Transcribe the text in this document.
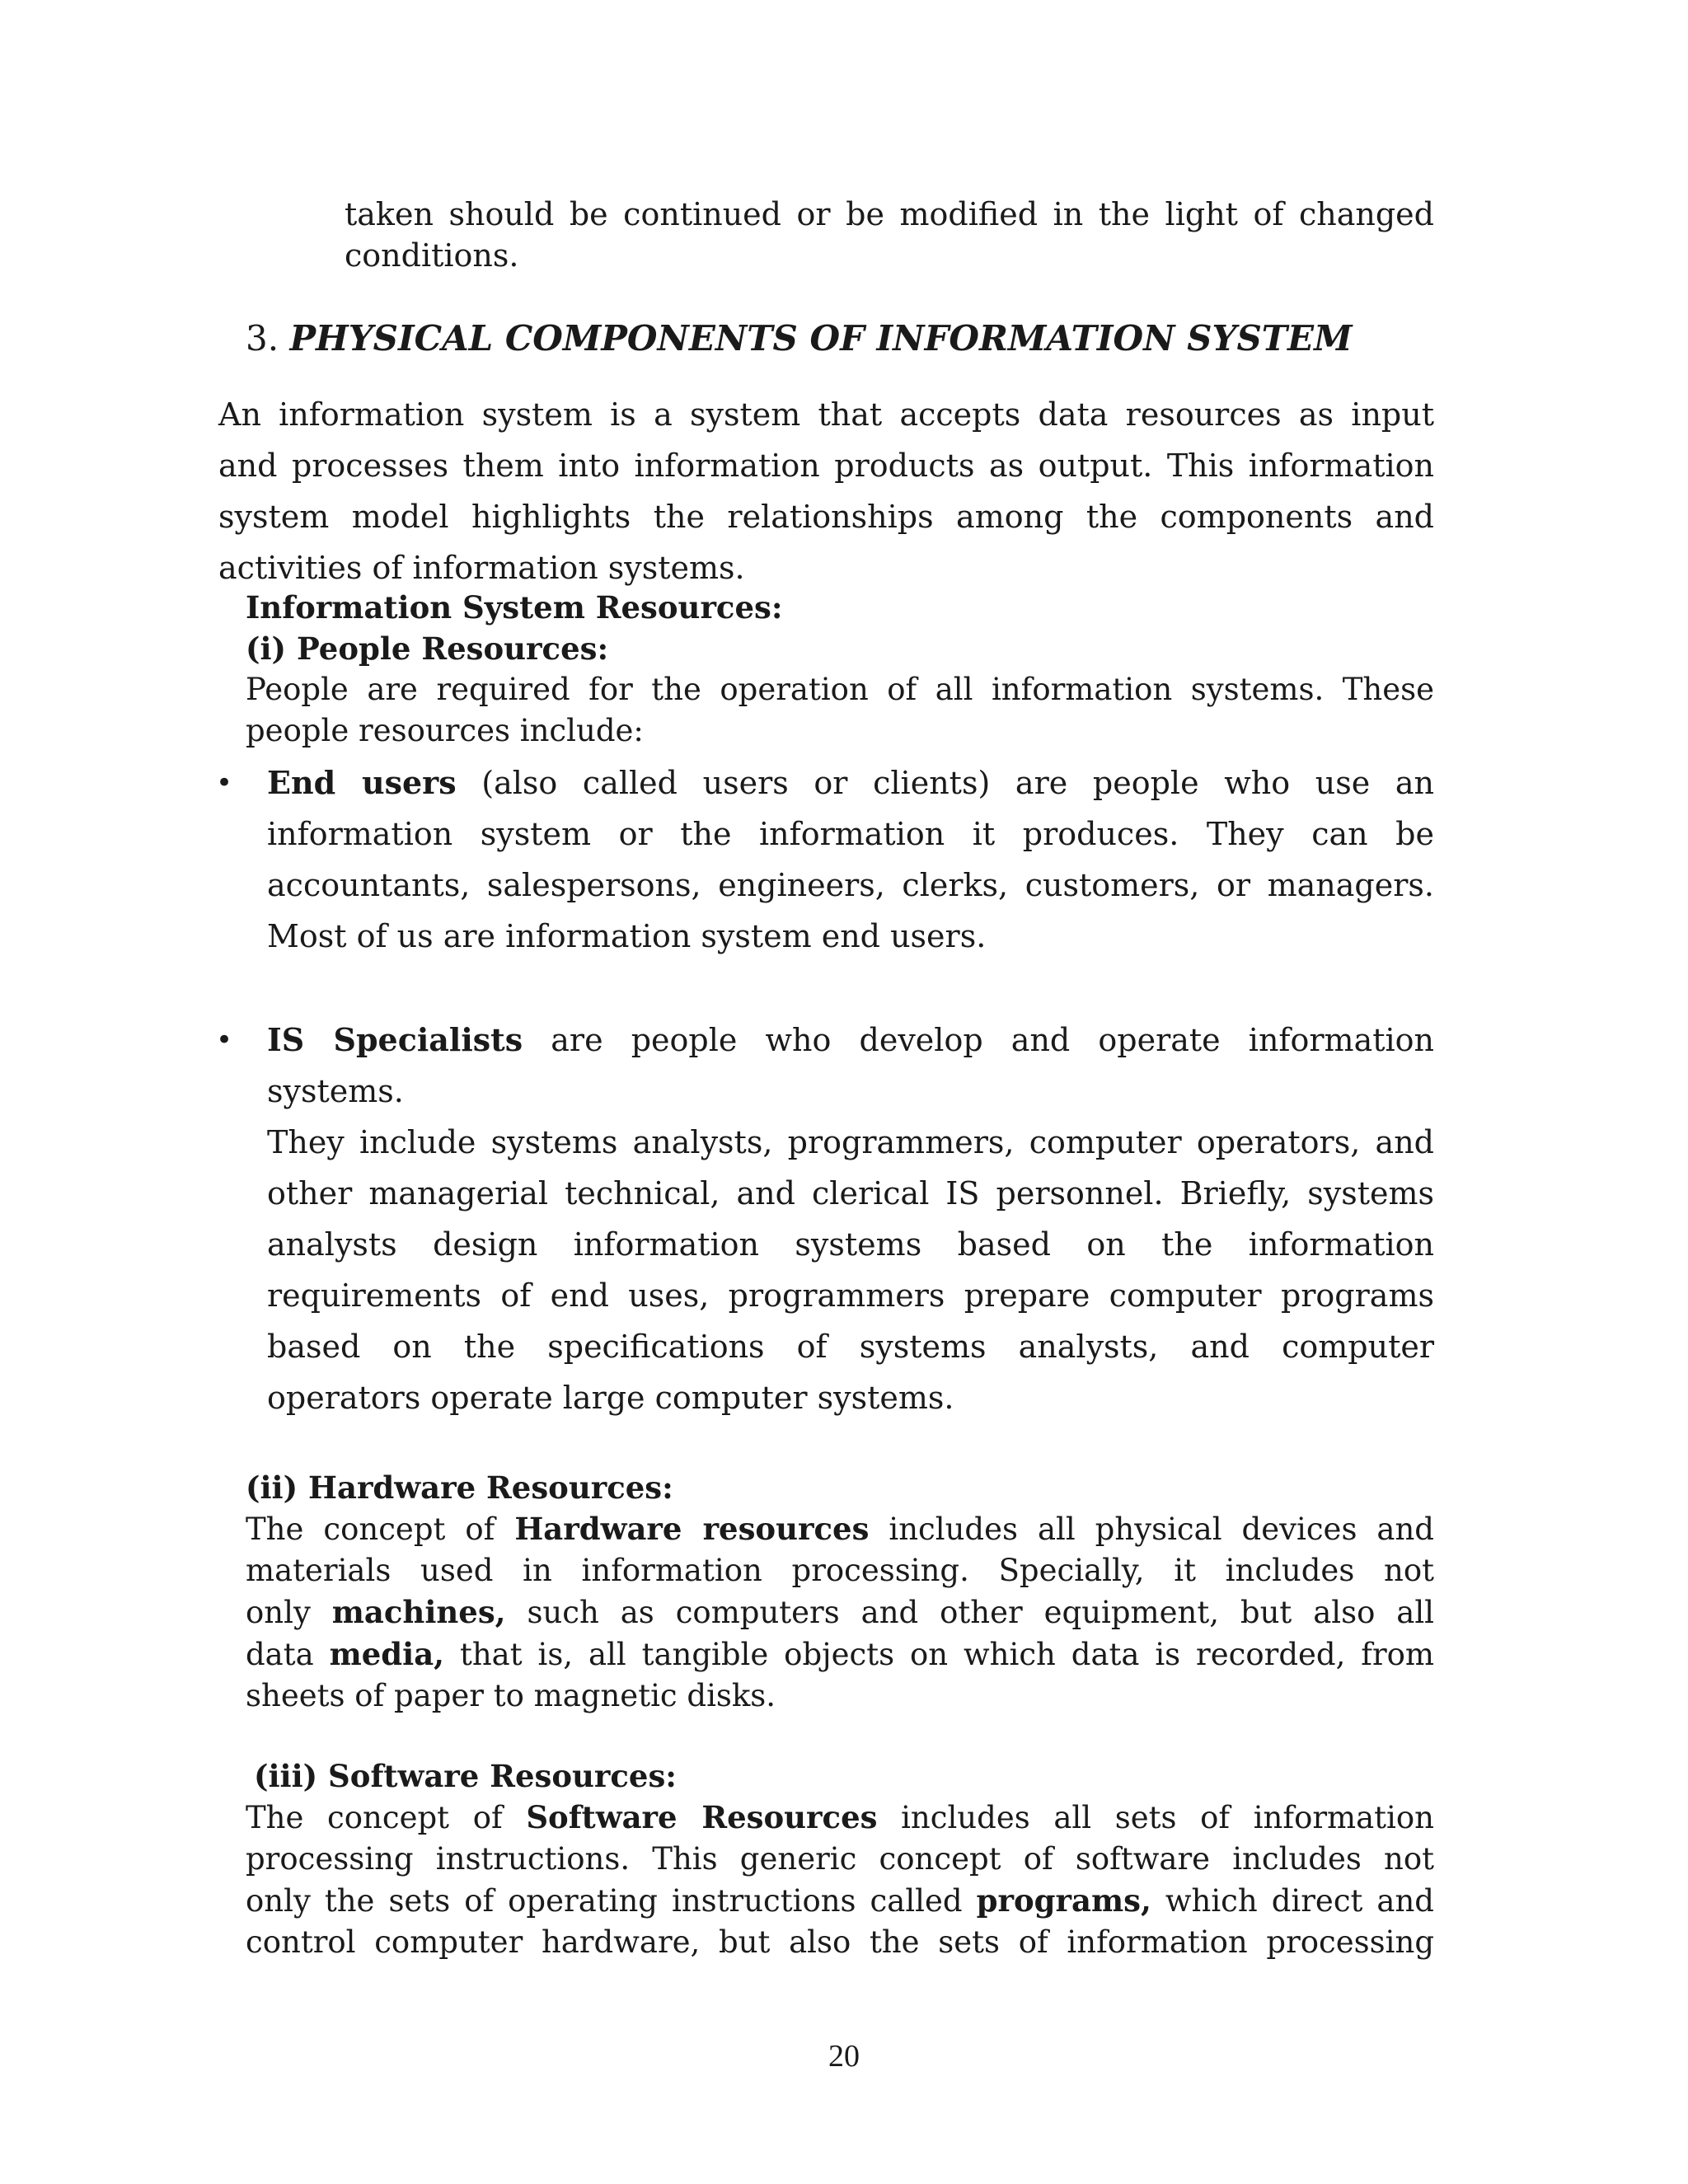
taken should be continued or be modified in the light of changed
conditions.
3. PHYSICAL COMPONENTS OF INFORMATION SYSTEM
An information system is a system that accepts data resources as input
and processes them into information products as output. This information
system model highlights the relationships among the components and
activities of information systems.
Information System Resources:
(i) People Resources:
People are required for the operation of all information systems. These
people resources include:
• End users (also called users or clients) are people who use an
information system or the information it produces. They can be
accountants, salespersons, engineers, clerks, customers, or managers.
Most of us are information system end users.
• IS Specialists are people who develop and operate information systems.
They include systems analysts, programmers, computer operators, and
other managerial technical, and clerical IS personnel. Briefly, systems
analysts design information systems based on the information
requirements of end uses, programmers prepare computer programs
based on the specifications of systems analysts, and computer
operators operate large computer systems.
(ii) Hardware Resources:
The concept of Hardware resources includes all physical devices and
materials used in information processing. Specially, it includes not
only machines, such as computers and other equipment, but also all
data media, that is, all tangible objects on which data is recorded, from
sheets of paper to magnetic disks.
(iii) Software Resources:
The concept of Software Resources includes all sets of information
processing instructions. This generic concept of software includes not
only the sets of operating instructions called programs, which direct and
control computer hardware, but also the sets of information processing
20
